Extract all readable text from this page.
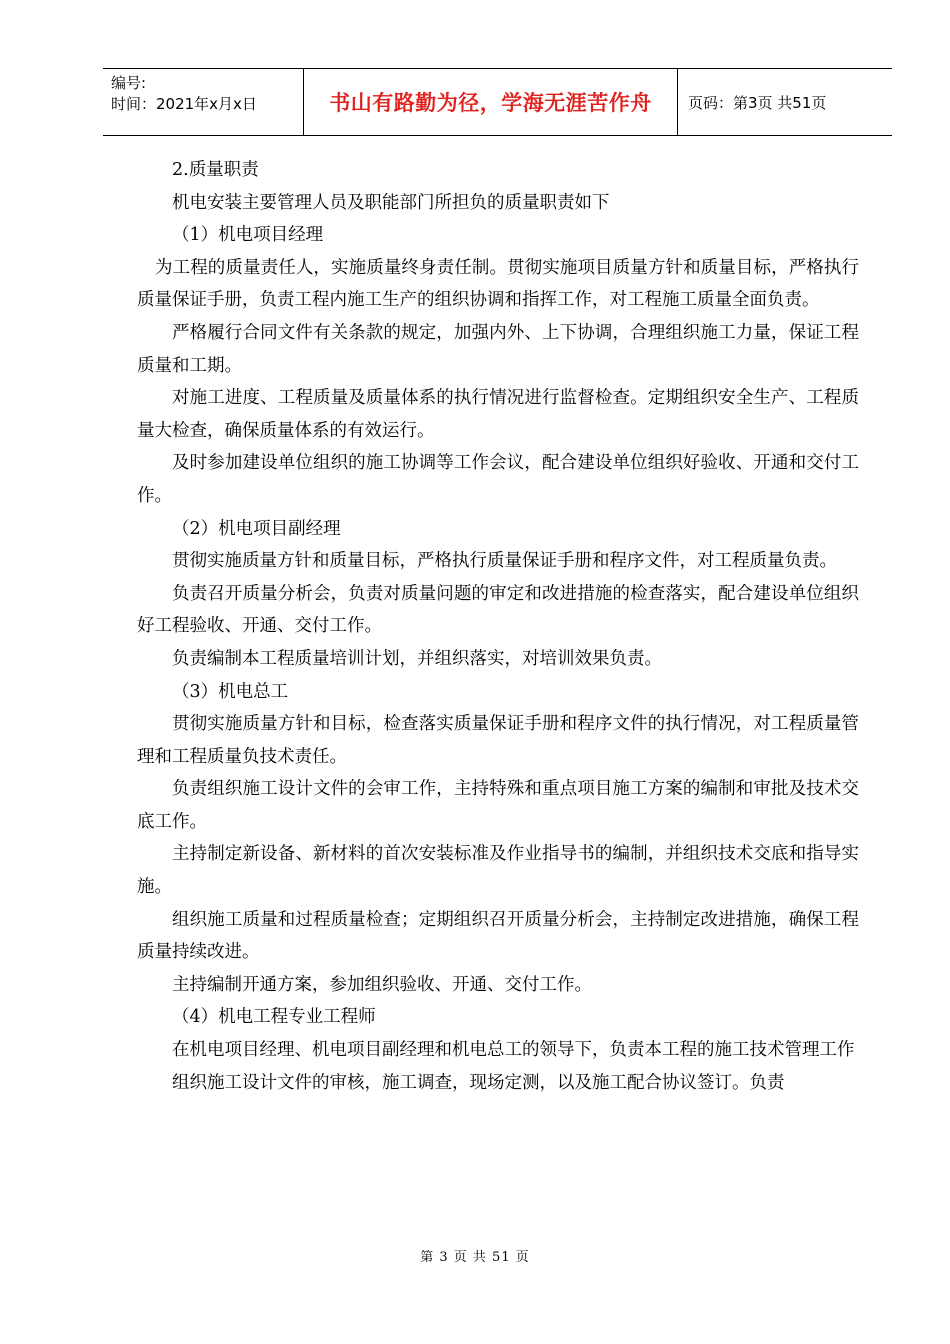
编号:
时间：2021年x月x日	书山有路勤为径，学海无涯苦作舟	页码：第3页 共51页

2.质量职责

机电安装主要管理人员及职能部门所担负的质量职责如下

（1）机电项目经理

为工程的质量责任人，实施质量终身责任制。贯彻实施项目质量方针和质量目标，严格执行质量保证手册，负责工程内施工生产的组织协调和指挥工作，对工程施工质量全面负责。

严格履行合同文件有关条款的规定，加强内外、上下协调，合理组织施工力量，保证工程质量和工期。

对施工进度、工程质量及质量体系的执行情况进行监督检查。定期组织安全生产、工程质量大检查，确保质量体系的有效运行。

及时参加建设单位组织的施工协调等工作会议，配合建设单位组织好验收、开通和交付工作。

（2）机电项目副经理

贯彻实施质量方针和质量目标，严格执行质量保证手册和程序文件，对工程质量负责。

负责召开质量分析会，负责对质量问题的审定和改进措施的检查落实，配合建设单位组织好工程验收、开通、交付工作。

负责编制本工程质量培训计划，并组织落实，对培训效果负责。

（3）机电总工

贯彻实施质量方针和目标，检查落实质量保证手册和程序文件的执行情况，对工程质量管理和工程质量负技术责任。

负责组织施工设计文件的会审工作，主持特殊和重点项目施工方案的编制和审批及技术交底工作。

主持制定新设备、新材料的首次安装标准及作业指导书的编制，并组织技术交底和指导实施。

组织施工质量和过程质量检查；定期组织召开质量分析会，主持制定改进措施，确保工程质量持续改进。

主持编制开通方案，参加组织验收、开通、交付工作。

（4）机电工程专业工程师

在机电项目经理、机电项目副经理和机电总工的领导下，负责本工程的施工技术管理工作

组织施工设计文件的审核，施工调查，现场定测，以及施工配合协议签订。负责

第 3 页 共 51 页
